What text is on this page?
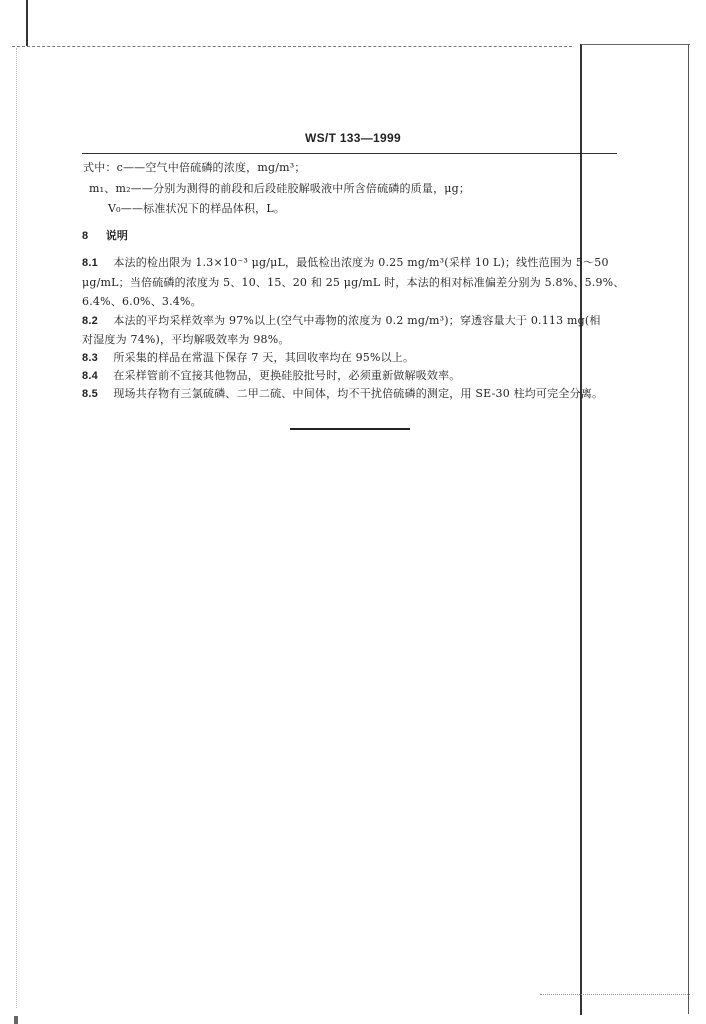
WS/T 133—1999
式中：c——空气中倍硫磷的浓度，mg/m³；
m₁、m₂——分别为测得的前段和后段硅胶解吸液中所含倍硫磷的质量，μg；
V₀——标准状况下的样品体积，L。
8 说明
8.1 本法的检出限为 1.3×10⁻³ μg/μL，最低检出浓度为 0.25 mg/m³(采样 10 L)；线性范围为 5～50
μg/mL；当倍硫磷的浓度为 5、10、15、20 和 25 μg/mL 时，本法的相对标准偏差分别为 5.8%、5.9%、
6.4%、6.0%、3.4%。
8.2 本法的平均采样效率为 97%以上(空气中毒物的浓度为 0.2 mg/m³)；穿透容量大于 0.113 mg(相
对湿度为 74%)，平均解吸效率为 98%。
8.3 所采集的样品在常温下保存 7 天，其回收率均在 95%以上。
8.4 在采样管前不宜接其他物品，更换硅胶批号时，必须重新做解吸效率。
8.5 现场共存物有三氯硫磷、二甲二硫、中间体，均不干扰倍硫磷的测定，用 SE-30 柱均可完全分离。
